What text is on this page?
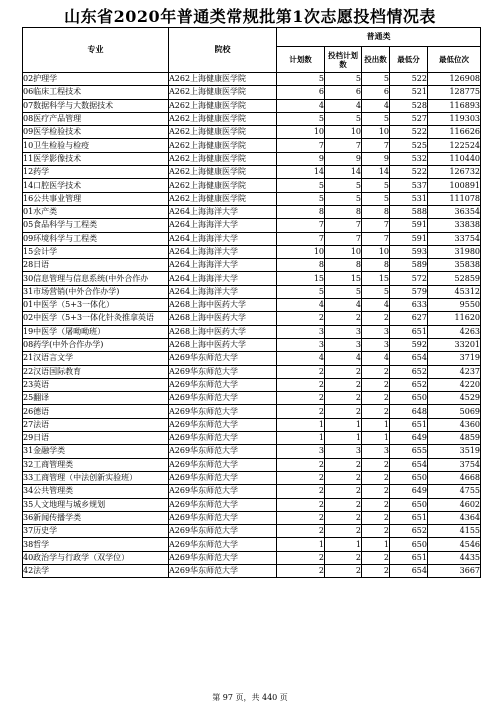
山东省2020年普通类常规批第1次志愿投档情况表
专业	院校	普通类				
		计划数	投档计划数	投出数	最低分	最低位次
02护理学	A262上海健康医学院	5	5	5	522	126908
06临床工程技术	A262上海健康医学院	6	6	6	521	128775
07数据科学与大数据技术	A262上海健康医学院	4	4	4	528	116893
08医疗产品管理	A262上海健康医学院	5	5	5	527	119303
09医学检验技术	A262上海健康医学院	10	10	10	522	116626
10卫生检验与检疫	A262上海健康医学院	7	7	7	525	122524
11医学影像技术	A262上海健康医学院	9	9	9	532	110440
12药学	A262上海健康医学院	14	14	14	522	126732
14口腔医学技术	A262上海健康医学院	5	5	5	537	100891
16公共事业管理	A262上海健康医学院	5	5	5	531	111078
01水产类	A264上海海洋大学	8	8	8	588	36354
05食品科学与工程类	A264上海海洋大学	7	7	7	591	33838
09环境科学与工程类	A264上海海洋大学	7	7	7	591	33754
15会计学	A264上海海洋大学	10	10	10	593	31980
28日语	A264上海海洋大学	8	8	8	589	35838
30信息管理与信息系统(中外合作办	A264上海海洋大学	15	15	15	572	52859
31市场营销(中外合作办学)	A264上海海洋大学	5	5	5	579	45312
01中医学（5+3一体化）	A268上海中医药大学	4	4	4	633	9550
02中医学（5+3一体化针灸推拿英语	A268上海中医药大学	2	2	2	627	11620
19中医学（屠呦呦班）	A268上海中医药大学	3	3	3	651	4263
08药学(中外合作办学)	A268上海中医药大学	3	3	3	592	33201
21汉语言文学	A269华东师范大学	4	4	4	654	3719
22汉语国际教育	A269华东师范大学	2	2	2	652	4237
23英语	A269华东师范大学	2	2	2	652	4220
25翻译	A269华东师范大学	2	2	2	650	4529
26德语	A269华东师范大学	2	2	2	648	5069
27法语	A269华东师范大学	1	1	1	651	4360
29日语	A269华东师范大学	1	1	1	649	4859
31金融学类	A269华东师范大学	3	3	3	655	3519
32工商管理类	A269华东师范大学	2	2	2	654	3754
33工商管理（中法创新实验班）	A269华东师范大学	2	2	2	650	4668
34公共管理类	A269华东师范大学	2	2	2	649	4755
35人文地理与城乡规划	A269华东师范大学	2	2	2	650	4602
36新闻传播学类	A269华东师范大学	2	2	2	651	4364
37历史学	A269华东师范大学	2	2	2	652	4155
38哲学	A269华东师范大学	1	1	1	650	4546
40政治学与行政学（双学位）	A269华东师范大学	2	2	2	651	4435
42法学	A269华东师范大学	2	2	2	654	3667
第 97 页，共 440 页
